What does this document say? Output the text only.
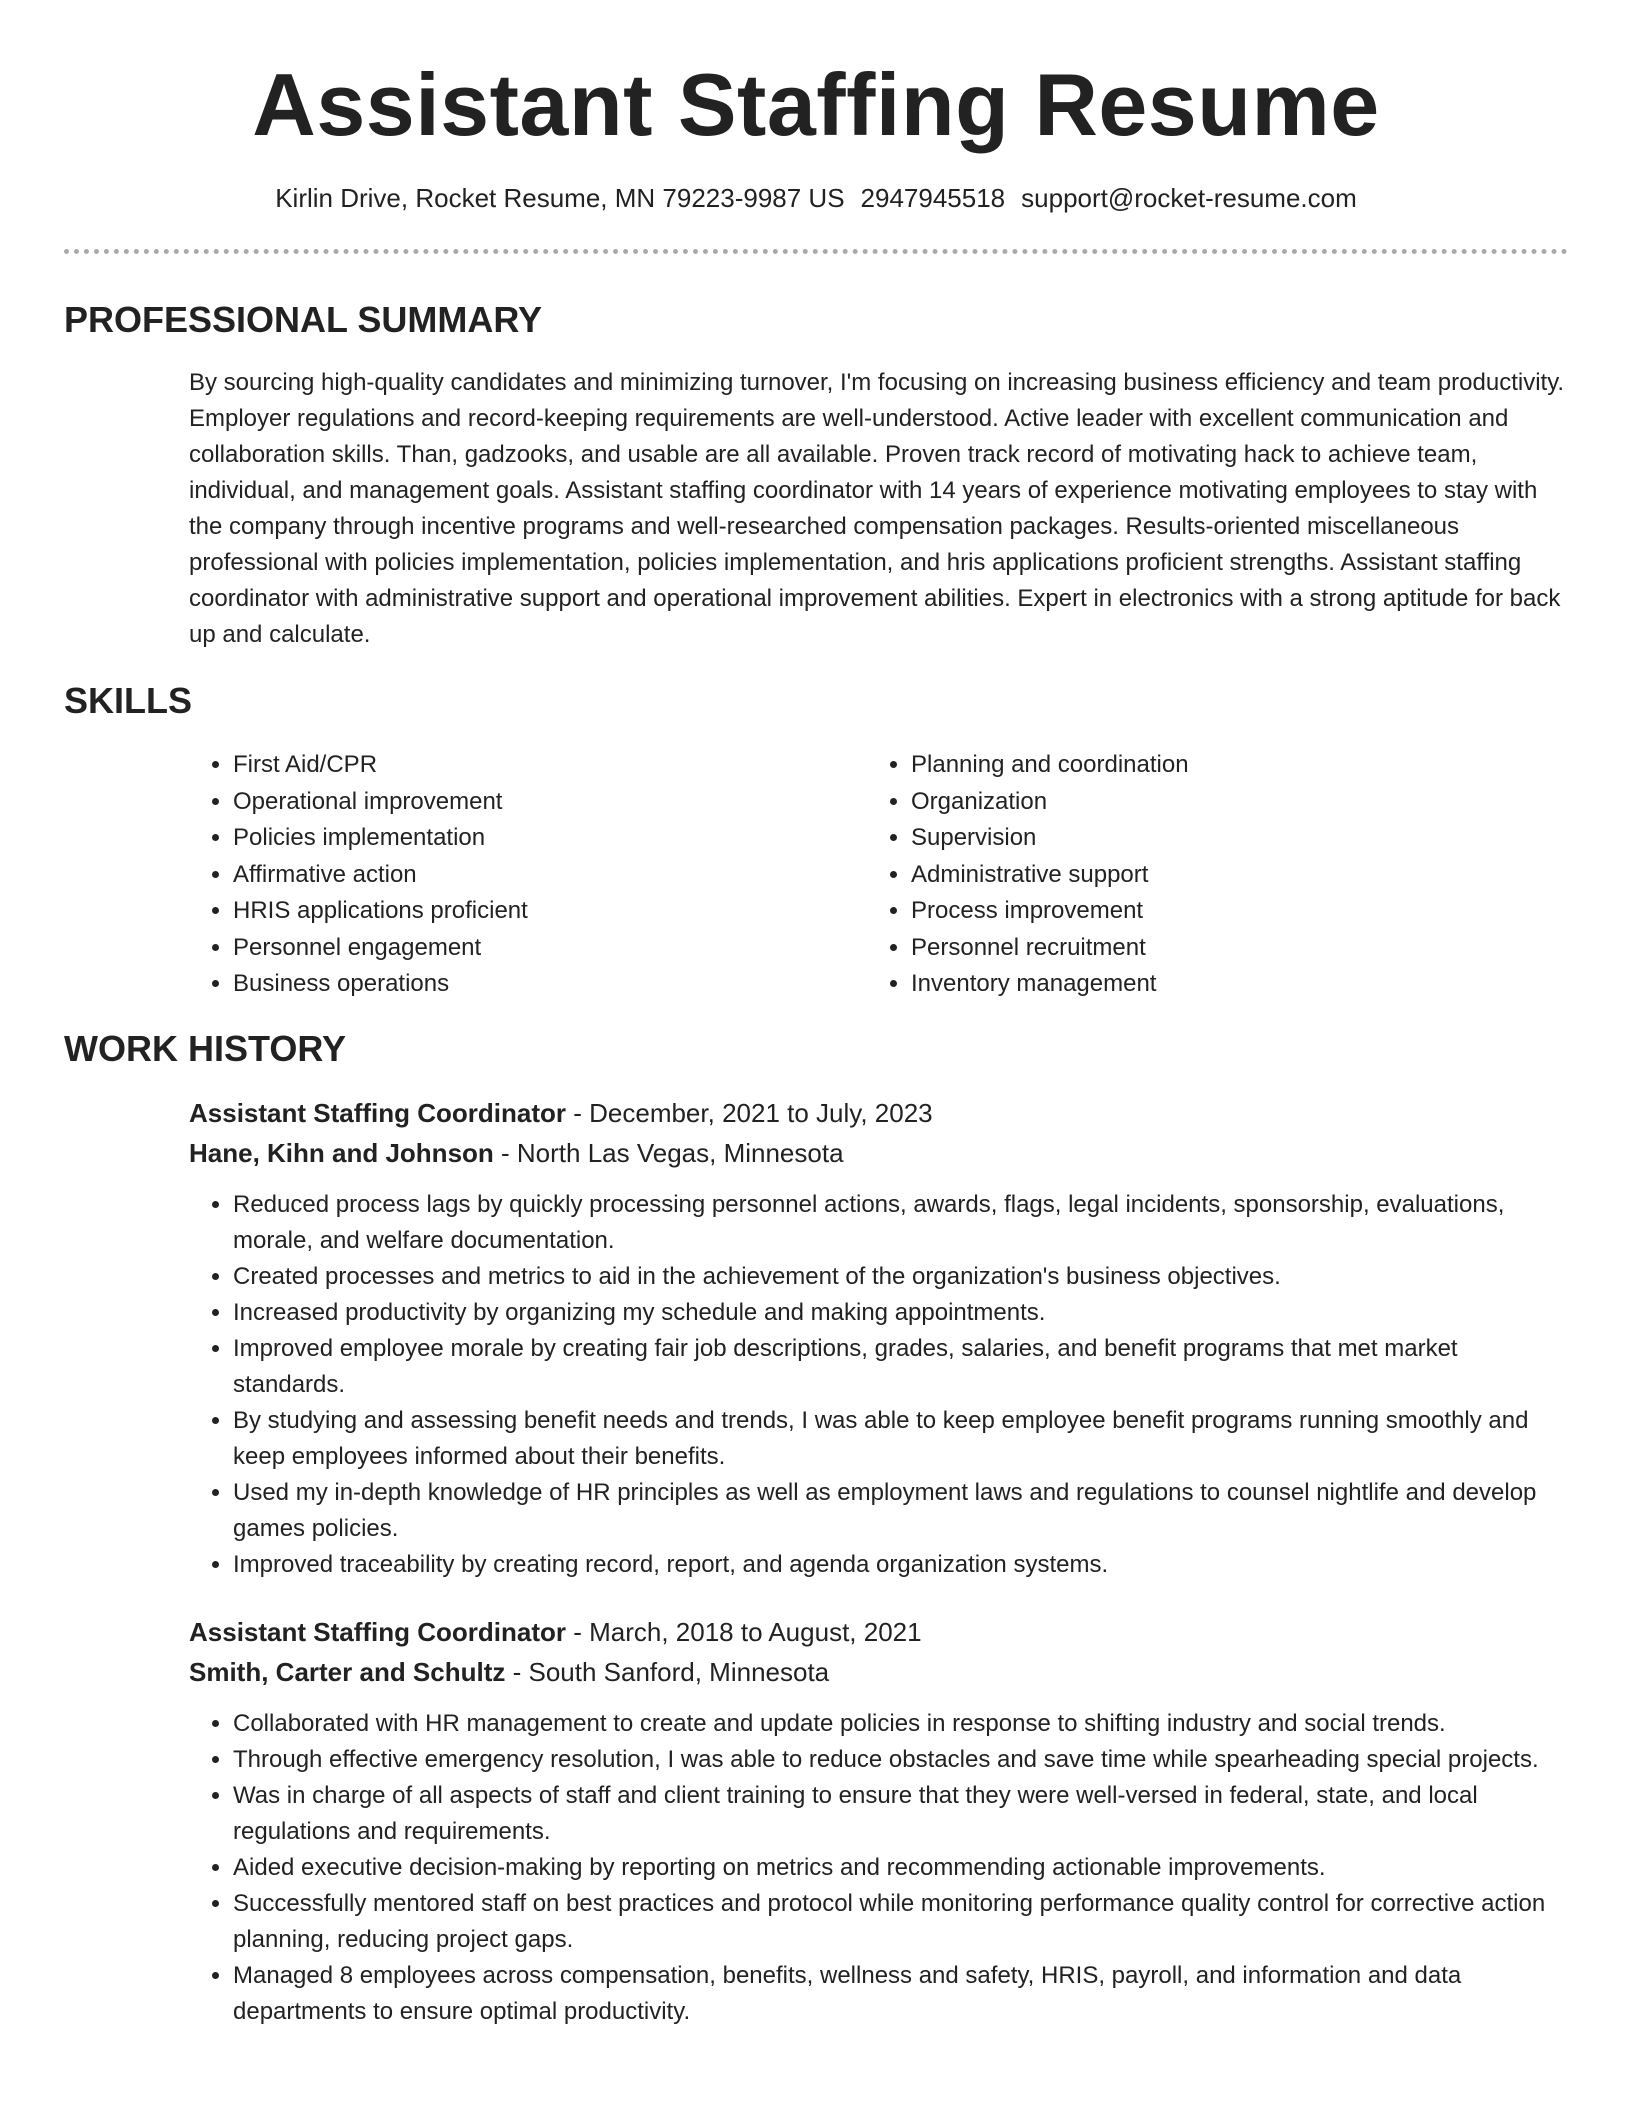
Assistant Staffing Resume
Kirlin Drive, Rocket Resume, MN 79223-9987 US 2947945518 support@rocket-resume.com
PROFESSIONAL SUMMARY

By sourcing high-quality candidates and minimizing turnover, I'm focusing on increasing business efficiency and team productivity. Employer regulations and record-keeping requirements are well-understood. Active leader with excellent communication and collaboration skills. Than, gadzooks, and usable are all available. Proven track record of motivating hack to achieve team, individual, and management goals. Assistant staffing coordinator with 14 years of experience motivating employees to stay with the company through incentive programs and well-researched compensation packages. Results-oriented miscellaneous professional with policies implementation, policies implementation, and hris applications proficient strengths. Assistant staffing coordinator with administrative support and operational improvement abilities. Expert in electronics with a strong aptitude for back up and calculate.

SKILLS
• First Aid/CPR
• Operational improvement
• Policies implementation
• Affirmative action
• HRIS applications proficient
• Personnel engagement
• Business operations
• Planning and coordination
• Organization
• Supervision
• Administrative support
• Process improvement
• Personnel recruitment
• Inventory management
WORK HISTORY
Assistant Staffing Coordinator - December, 2021 to July, 2023
Hane, Kihn and Johnson - North Las Vegas, Minnesota
• Reduced process lags by quickly processing personnel actions, awards, flags, legal incidents, sponsorship, evaluations, morale, and welfare documentation.
• Created processes and metrics to aid in the achievement of the organization's business objectives.
• Increased productivity by organizing my schedule and making appointments.
• Improved employee morale by creating fair job descriptions, grades, salaries, and benefit programs that met market standards.
• By studying and assessing benefit needs and trends, I was able to keep employee benefit programs running smoothly and keep employees informed about their benefits.
• Used my in-depth knowledge of HR principles as well as employment laws and regulations to counsel nightlife and develop games policies.
• Improved traceability by creating record, report, and agenda organization systems.
Assistant Staffing Coordinator - March, 2018 to August, 2021
Smith, Carter and Schultz - South Sanford, Minnesota
• Collaborated with HR management to create and update policies in response to shifting industry and social trends.
• Through effective emergency resolution, I was able to reduce obstacles and save time while spearheading special projects.
• Was in charge of all aspects of staff and client training to ensure that they were well-versed in federal, state, and local regulations and requirements.
• Aided executive decision-making by reporting on metrics and recommending actionable improvements.
• Successfully mentored staff on best practices and protocol while monitoring performance quality control for corrective action planning, reducing project gaps.
• Managed 8 employees across compensation, benefits, wellness and safety, HRIS, payroll, and information and data departments to ensure optimal productivity.
